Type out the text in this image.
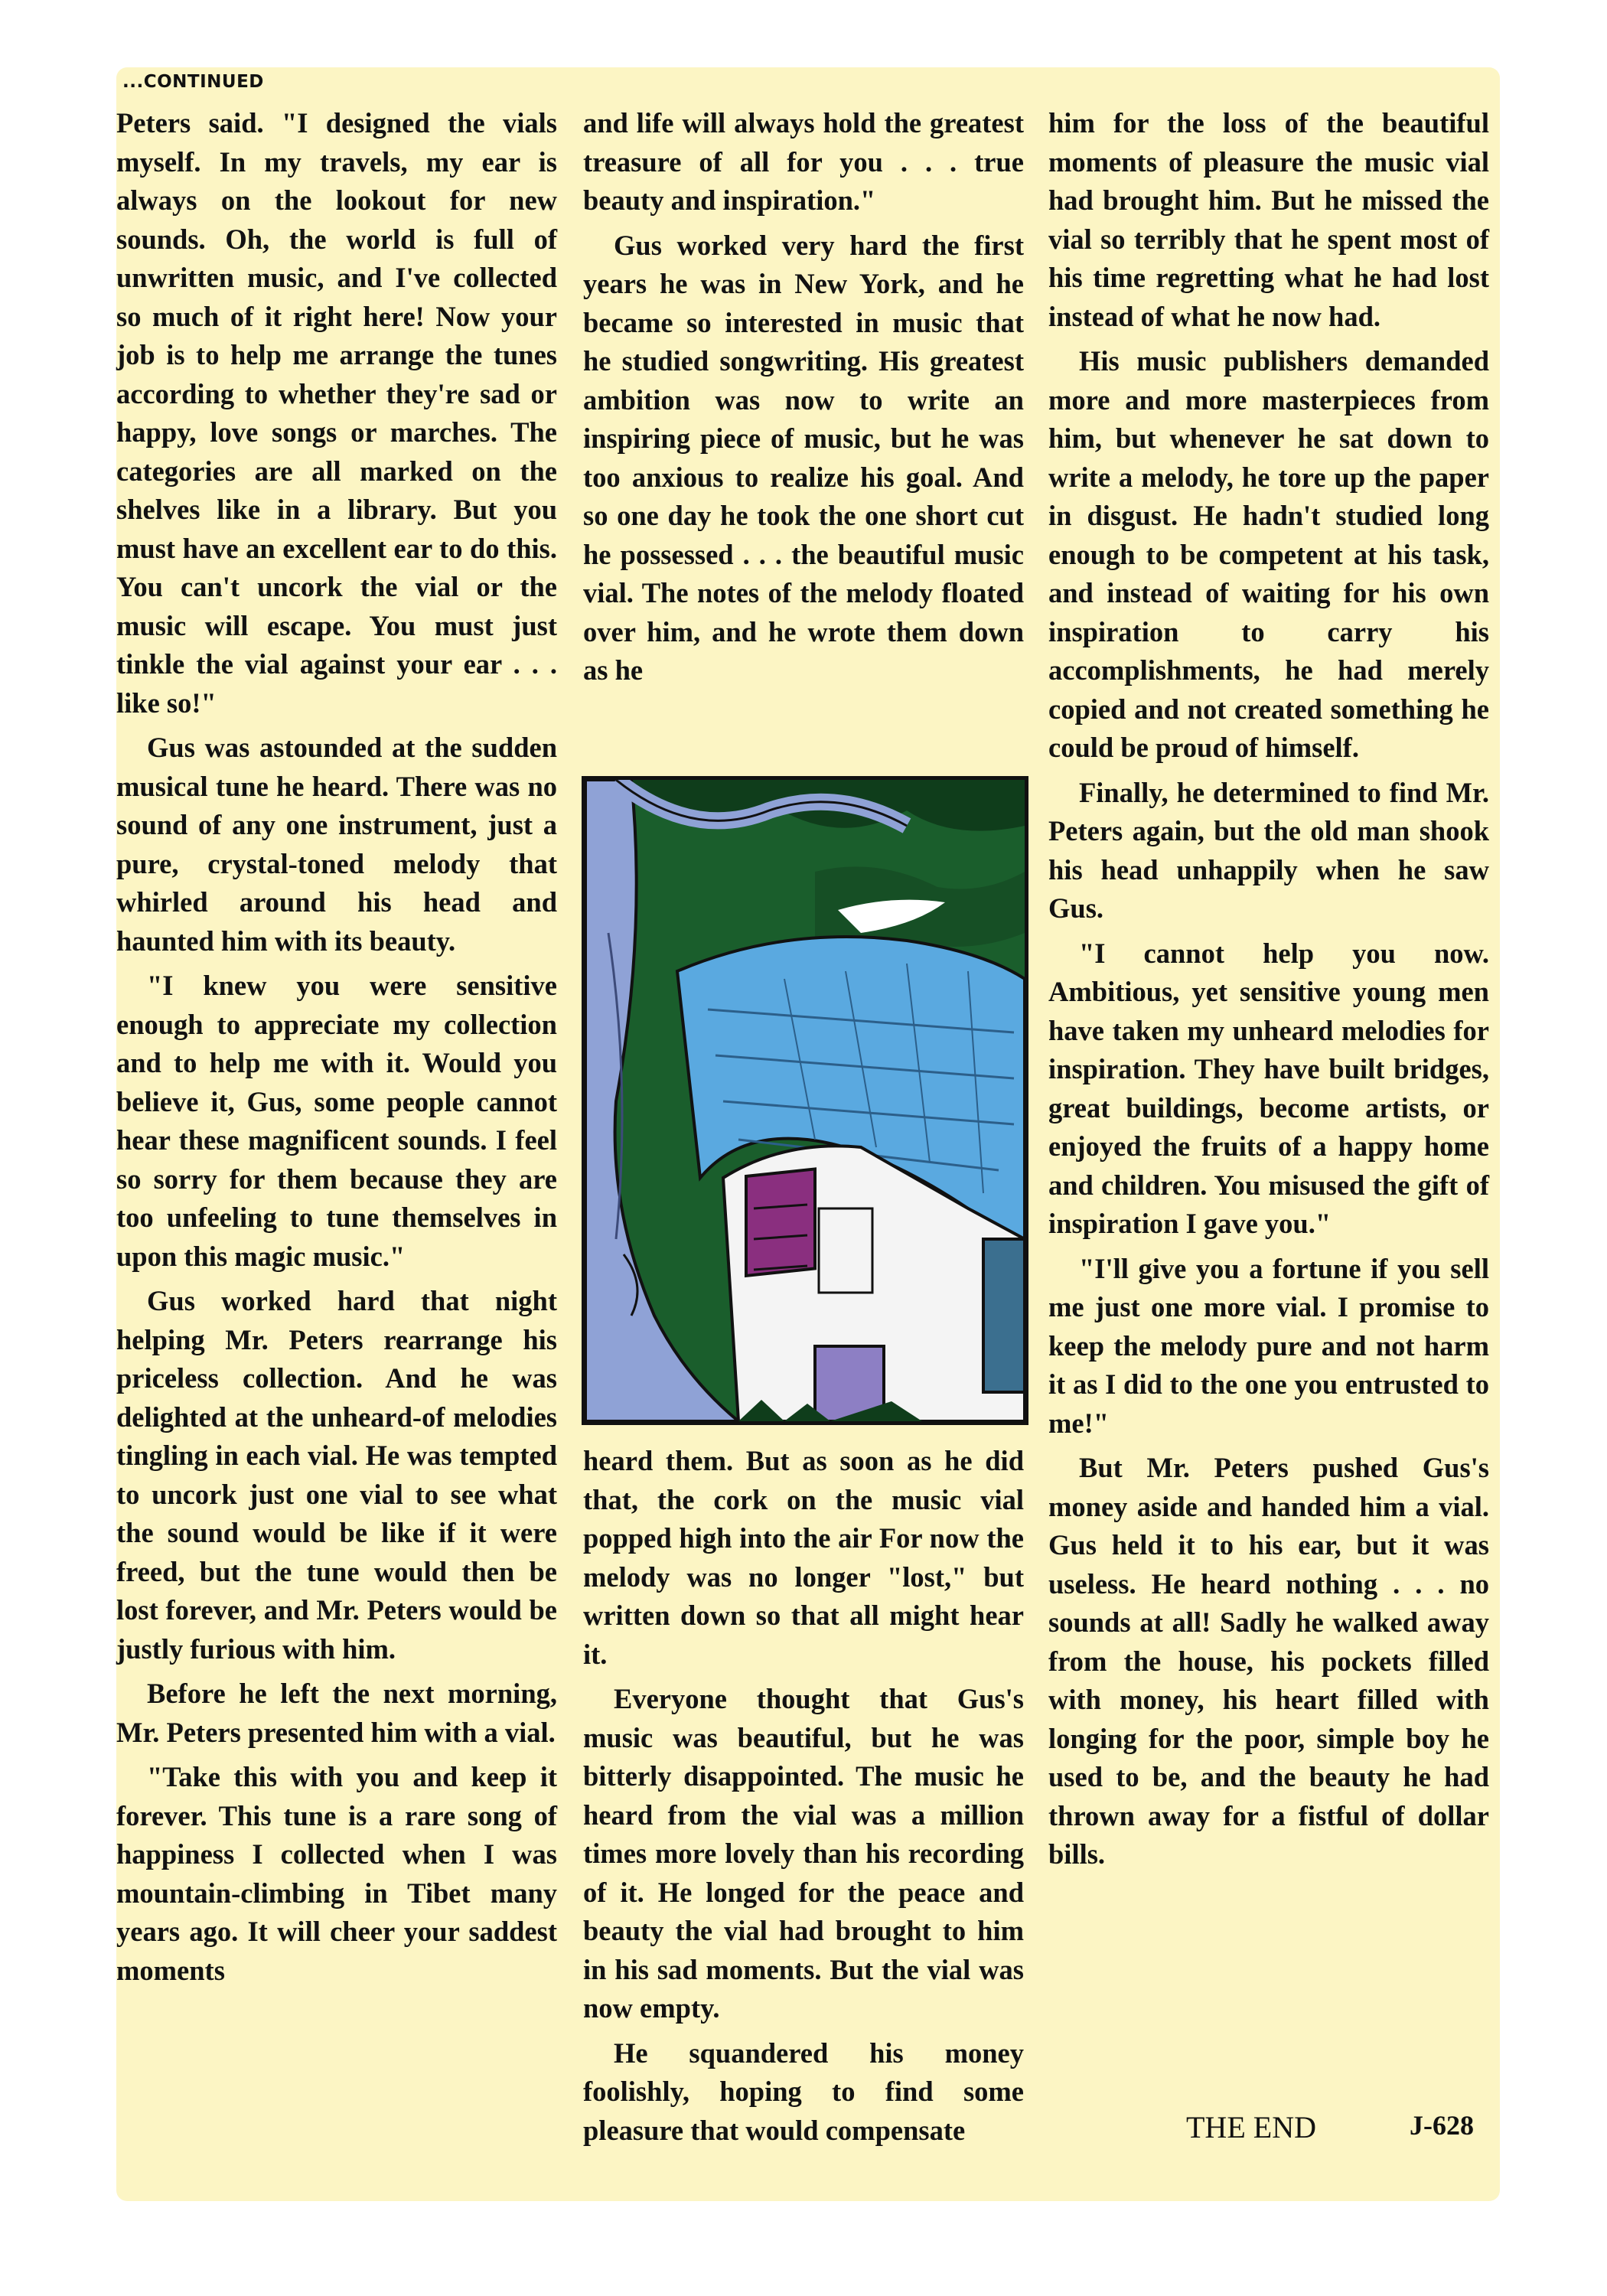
...CONTINUED

Peters said. "I designed the vials myself. In my travels, my ear is always on the lookout for new sounds. Oh, the world is full of unwritten music, and I've collected so much of it right here! Now your job is to help me arrange the tunes according to whether they're sad or happy, love songs or marches. The categories are all marked on the shelves like in a library. But you must have an excellent ear to do this. You can't uncork the vial or the music will escape. You must just tinkle the vial against your ear . . . like so!"

Gus was astounded at the sudden musical tune he heard. There was no sound of any one instrument, just a pure, crystal-toned melody that whirled around his head and haunted him with its beauty.

"I knew you were sensitive enough to appreciate my collection and to help me with it. Would you believe it, Gus, some people cannot hear these magnificent sounds. I feel so sorry for them because they are too unfeeling to tune themselves in upon this magic music."

Gus worked hard that night helping Mr. Peters rearrange his priceless collection. And he was delighted at the unheard-of melodies tingling in each vial. He was tempted to uncork just one vial to see what the sound would be like if it were freed, but the tune would then be lost forever, and Mr. Peters would be justly furious with him.

Before he left the next morning, Mr. Peters presented him with a vial.

"Take this with you and keep it forever. This tune is a rare song of happiness I collected when I was mountain-climbing in Tibet many years ago. It will cheer your saddest moments

and life will always hold the greatest treasure of all for you . . . true beauty and inspiration."

Gus worked very hard the first years he was in New York, and he became so interested in music that he studied songwriting. His greatest ambition was now to write an inspiring piece of music, but he was too anxious to realize his goal. And so one day he took the one short cut he possessed . . . the beautiful music vial. The notes of the melody floated over him, and he wrote them down as he

heard them. But as soon as he did that, the cork on the music vial popped high into the air For now the melody was no longer "lost," but written down so that all might hear it.

Everyone thought that Gus's music was beautiful, but he was bitterly disappointed. The music he heard from the vial was a million times more lovely than his recording of it. He longed for the peace and beauty the vial had brought to him in his sad moments. But the vial was now empty.

He squandered his money foolishly, hoping to find some pleasure that would compensate

him for the loss of the beautiful moments of pleasure the music vial had brought him. But he missed the vial so terribly that he spent most of his time regretting what he had lost instead of what he now had.

His music publishers demanded more and more masterpieces from him, but whenever he sat down to write a melody, he tore up the paper in disgust. He hadn't studied long enough to be competent at his task, and instead of waiting for his own inspiration to carry his accomplishments, he had merely copied and not created something he could be proud of himself.

Finally, he determined to find Mr. Peters again, but the old man shook his head unhappily when he saw Gus.

"I cannot help you now. Ambitious, yet sensitive young men have taken my unheard melodies for inspiration. They have built bridges, great buildings, become artists, or enjoyed the fruits of a happy home and children. You misused the gift of inspiration I gave you."

"I'll give you a fortune if you sell me just one more vial. I promise to keep the melody pure and not harm it as I did to the one you entrusted to me!"

But Mr. Peters pushed Gus's money aside and handed him a vial. Gus held it to his ear, but it was useless. He heard nothing . . . no sounds at all! Sadly he walked away from the house, his pockets filled with money, his heart filled with longing for the poor, simple boy he used to be, and the beauty he had thrown away for a fistful of dollar bills.

THE END	J-628
